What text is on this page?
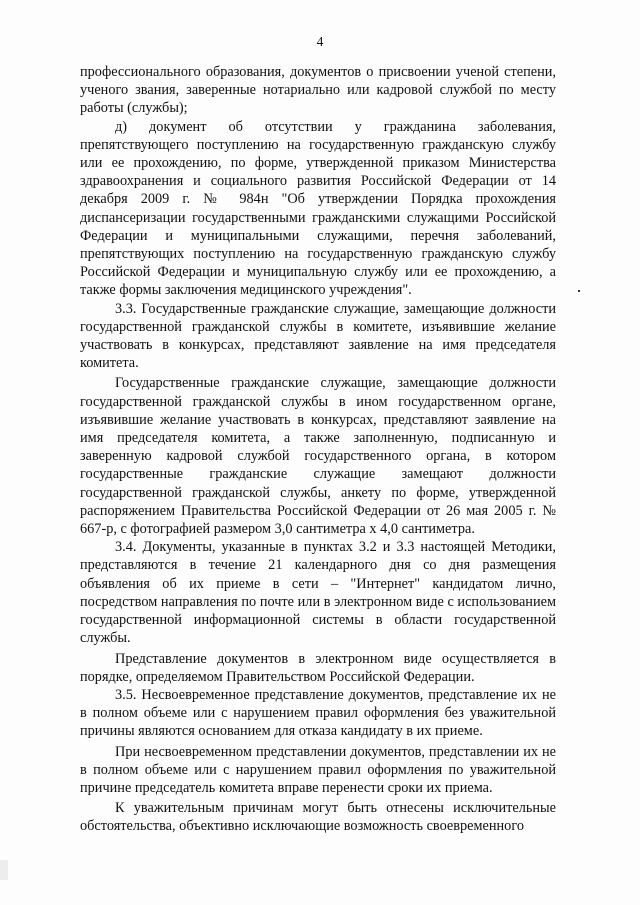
4

профессионального образования, документов о присвоении ученой степени, ученого звания, заверенные нотариально или кадровой службой по месту работы (службы);

д) документ об отсутствии у гражданина заболевания, препятствующего поступлению на государственную гражданскую службу или ее прохождению, по форме, утвержденной приказом Министерства здравоохранения и социального развития Российской Федерации от 14 декабря 2009 г. № 984н "Об утверждении Порядка прохождения диспансеризации государственными гражданскими служащими Российской Федерации и муниципальными служащими, перечня заболеваний, препятствующих поступлению на государственную гражданскую службу Российской Федерации и муниципальную службу или ее прохождению, а также формы заключения медицинского учреждения".

3.3. Государственные гражданские служащие, замещающие должности государственной гражданской службы в комитете, изъявившие желание участвовать в конкурсах, представляют заявление на имя председателя комитета.

Государственные гражданские служащие, замещающие должности государственной гражданской службы в ином государственном органе, изъявившие желание участвовать в конкурсах, представляют заявление на имя председателя комитета, а также заполненную, подписанную и заверенную кадровой службой государственного органа, в котором государственные гражданские служащие замещают должности государственной гражданской службы, анкету по форме, утвержденной распоряжением Правительства Российской Федерации от 26 мая 2005 г. № 667-р, с фотографией размером 3,0 сантиметра х 4,0 сантиметра.

3.4. Документы, указанные в пунктах 3.2 и 3.3 настоящей Методики, представляются в течение 21 календарного дня со дня размещения объявления об их приеме в сети – "Интернет" кандидатом лично, посредством направления по почте или в электронном виде с использованием государственной информационной системы в области государственной службы.

Представление документов в электронном виде осуществляется в порядке, определяемом Правительством Российской Федерации.

3.5. Несвоевременное представление документов, представление их не в полном объеме или с нарушением правил оформления без уважительной причины являются основанием для отказа кандидату в их приеме.

При несвоевременном представлении документов, представлении их не в полном объеме или с нарушением правил оформления по уважительной причине председатель комитета вправе перенести сроки их приема.

К уважительным причинам могут быть отнесены исключительные обстоятельства, объективно исключающие возможность своевременного
